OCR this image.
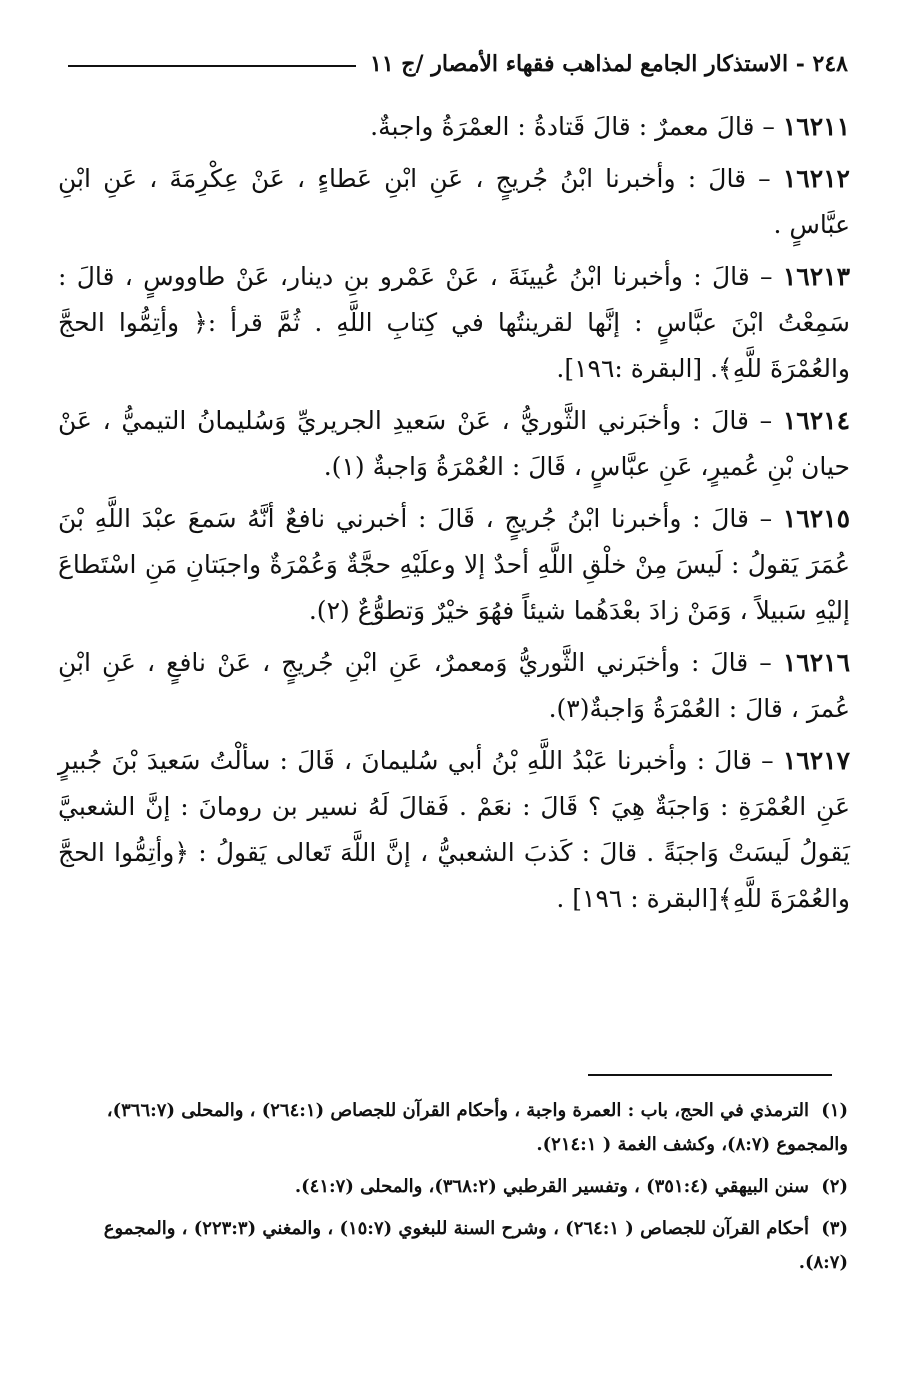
٢٤٨ - الاستذكار الجامع لمذاهب فقهاء الأمصار /ج ١١

١٦٢١١ – قالَ معمرٌ : قالَ قَتادةُ : العمْرَةُ واجبةٌ.

١٦٢١٢ – قالَ : وأخبرنا ابْنُ جُريجٍ ، عَنِ ابْنِ عَطاءٍ ، عَنْ عِكْرِمَةَ ، عَنِ ابْنِ عبَّاسٍ .

١٦٢١٣ – قالَ : وأخبرنا ابْنُ عُيينَةَ ، عَنْ عَمْرو بنِ دينار، عَنْ طاووسٍ ، قالَ : سَمِعْتُ ابْنَ عبَّاسٍ : إنَّها لقرينتُها في كِتابِ اللَّهِ . ثُمَّ قرأ :﴿ وأتِمُّوا الحجَّ والعُمْرَةَ للَّهِ﴾. [البقرة :١٩٦].

١٦٢١٤ – قالَ : وأخبَرني الثَّوريُّ ، عَنْ سَعيدِ الجريريِّ وَسُليمانُ التيميُّ ، عَنْ حيان بْنِ عُميرٍ، عَنِ عبَّاسٍ ، قَالَ : العُمْرَةُ وَاجبةٌ (١).

١٦٢١٥ – قالَ : وأخبرنا ابْنُ جُريجٍ ، قَالَ : أخبرني نافعٌ أنَّهُ سَمعَ عبْدَ اللَّهِ بْنَ عُمَرَ يَقولُ : لَيسَ مِنْ خلْقِ اللَّهِ أحدٌ إلا وعلَيْهِ حجَّةٌ وَعُمْرَةٌ واجبَتانِ مَنِ اسْتَطاعَ إليْهِ سَبيلاً ، وَمَنْ زادَ بعْدَهُما شيئاً فهُوَ خيْرٌ وَتطوُّعٌ (٢).

١٦٢١٦ – قالَ : وأخبَرني الثَّوريُّ وَمعمرٌ، عَنِ ابْنِ جُريجٍ ، عَنْ نافعٍ ، عَنِ ابْنِ عُمرَ ، قالَ : العُمْرَةُ وَاجبةٌ(٣).

١٦٢١٧ – قالَ : وأخبرنا عَبْدُ اللَّهِ بْنُ أبي سُليمانَ ، قَالَ : سألْتُ سَعيدَ بْنَ جُبيرٍ عَنِ العُمْرَةِ : وَاجبَةٌ هِيَ ؟ قَالَ : نعَمْ . فَقالَ لَهُ نسير بن رومانَ : إنَّ الشعبيَّ يَقولُ لَيسَتْ وَاجبَةً . قالَ : كَذبَ الشعبيُّ ، إنَّ اللَّهَ تَعالى يَقولُ : ﴿وأتِمُّوا الحجَّ والعُمْرَةَ للَّهِ﴾[البقرة : ١٩٦] .

(١) الترمذي في الحج، باب : العمرة واجبة ، وأحكام القرآن للجصاص (٢٦٤:١) ، والمحلى (٣٦٦:٧)، والمجموع (٨:٧)، وكشف الغمة ( ٢١٤:١).

(٢) سنن البيهقي (٣٥١:٤) ، وتفسير القرطبي (٣٦٨:٢)، والمحلى (٤١:٧).

(٣) أحكام القرآن للجصاص ( ٢٦٤:١) ، وشرح السنة للبغوي (١٥:٧) ، والمغني (٢٢٣:٣) ، والمجموع (٨:٧).
